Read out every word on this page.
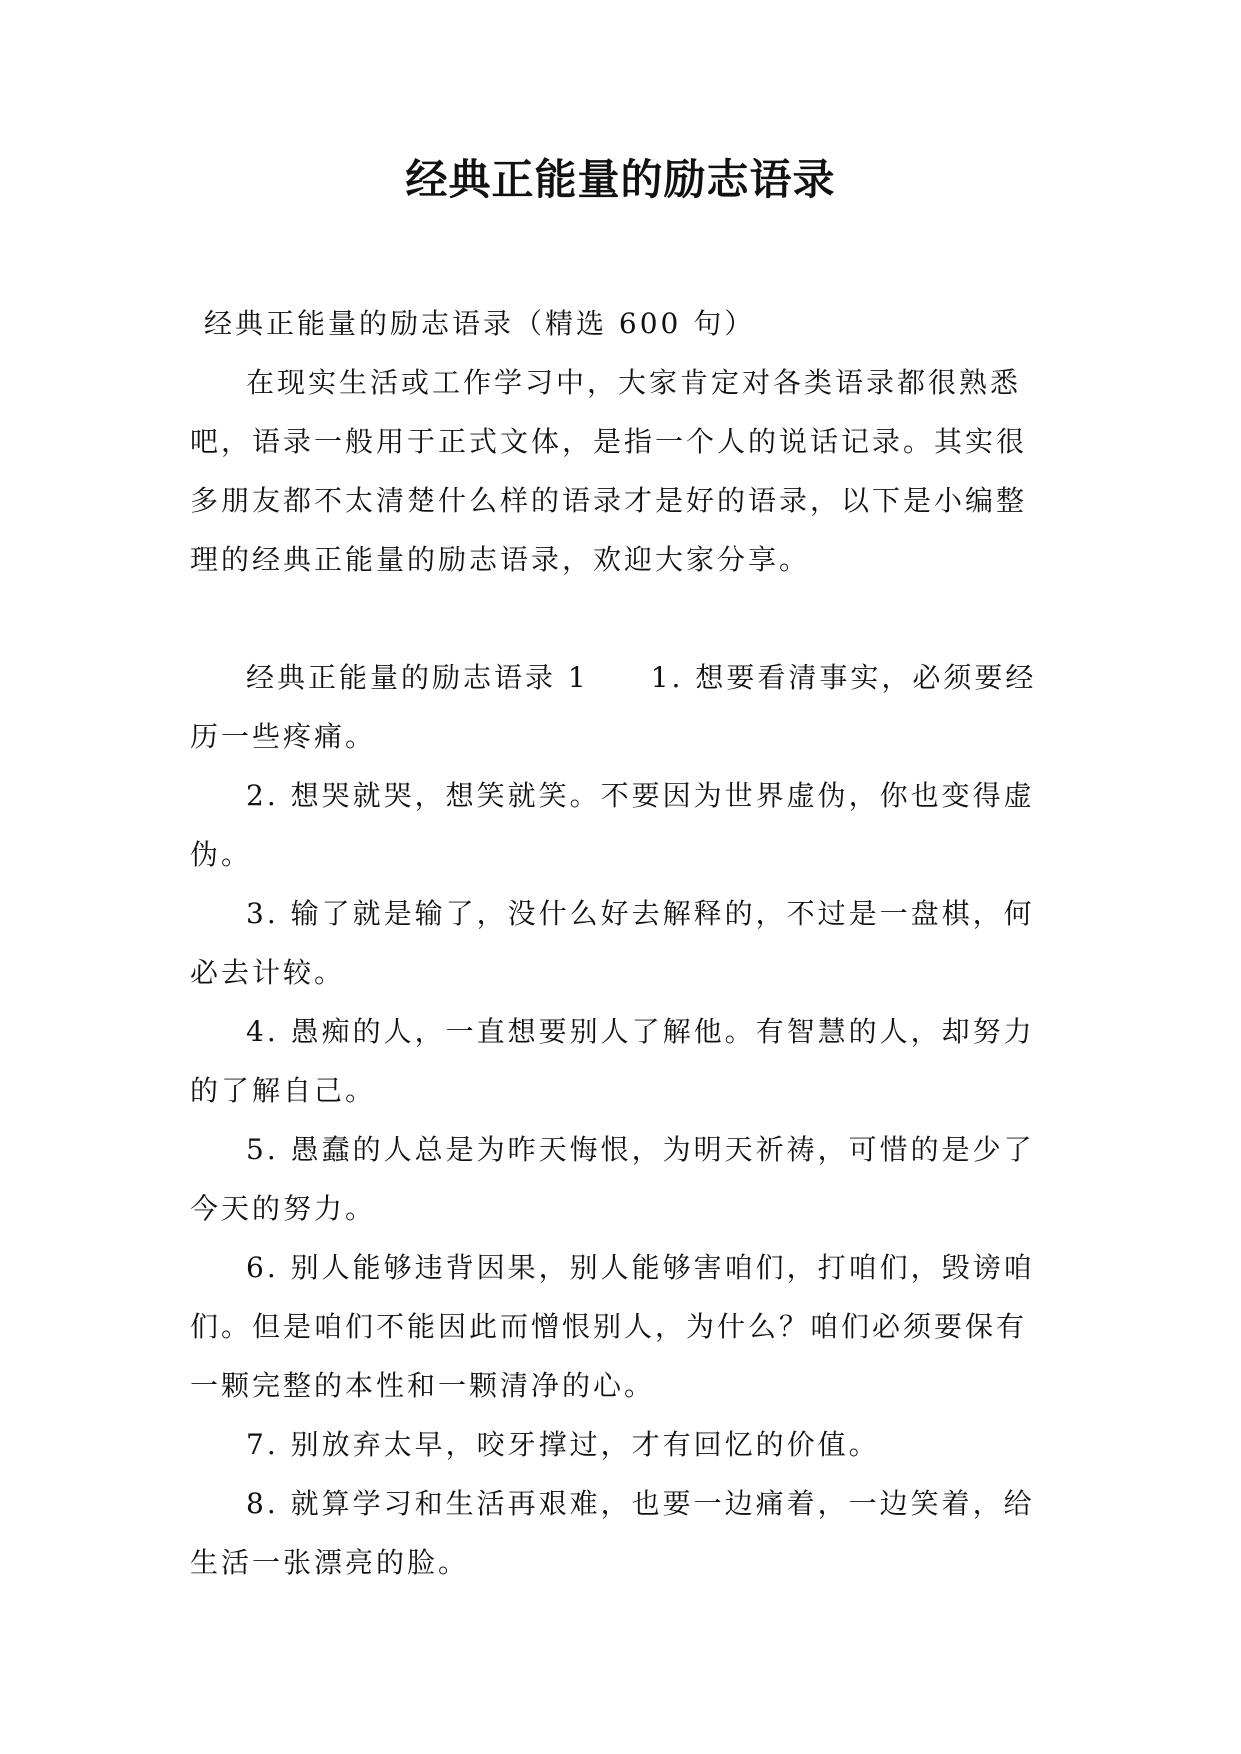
经典正能量的励志语录

经典正能量的励志语录（精选 600 句）

在现实生活或工作学习中，大家肯定对各类语录都很熟悉吧，语录一般用于正式文体，是指一个人的说话记录。其实很多朋友都不太清楚什么样的语录才是好的语录，以下是小编整理的经典正能量的励志语录，欢迎大家分享。

经典正能量的励志语录 1　　1. 想要看清事实，必须要经历一些疼痛。

2. 想哭就哭，想笑就笑。不要因为世界虚伪，你也变得虚伪。

3. 输了就是输了，没什么好去解释的，不过是一盘棋，何必去计较。

4. 愚痴的人，一直想要别人了解他。有智慧的人，却努力的了解自己。

5. 愚蠢的人总是为昨天悔恨，为明天祈祷，可惜的是少了今天的努力。

6. 别人能够违背因果，别人能够害咱们，打咱们，毁谤咱们。但是咱们不能因此而憎恨别人，为什么？咱们必须要保有一颗完整的本性和一颗清净的心。

7. 别放弃太早，咬牙撑过，才有回忆的价值。

8. 就算学习和生活再艰难，也要一边痛着，一边笑着，给生活一张漂亮的脸。
